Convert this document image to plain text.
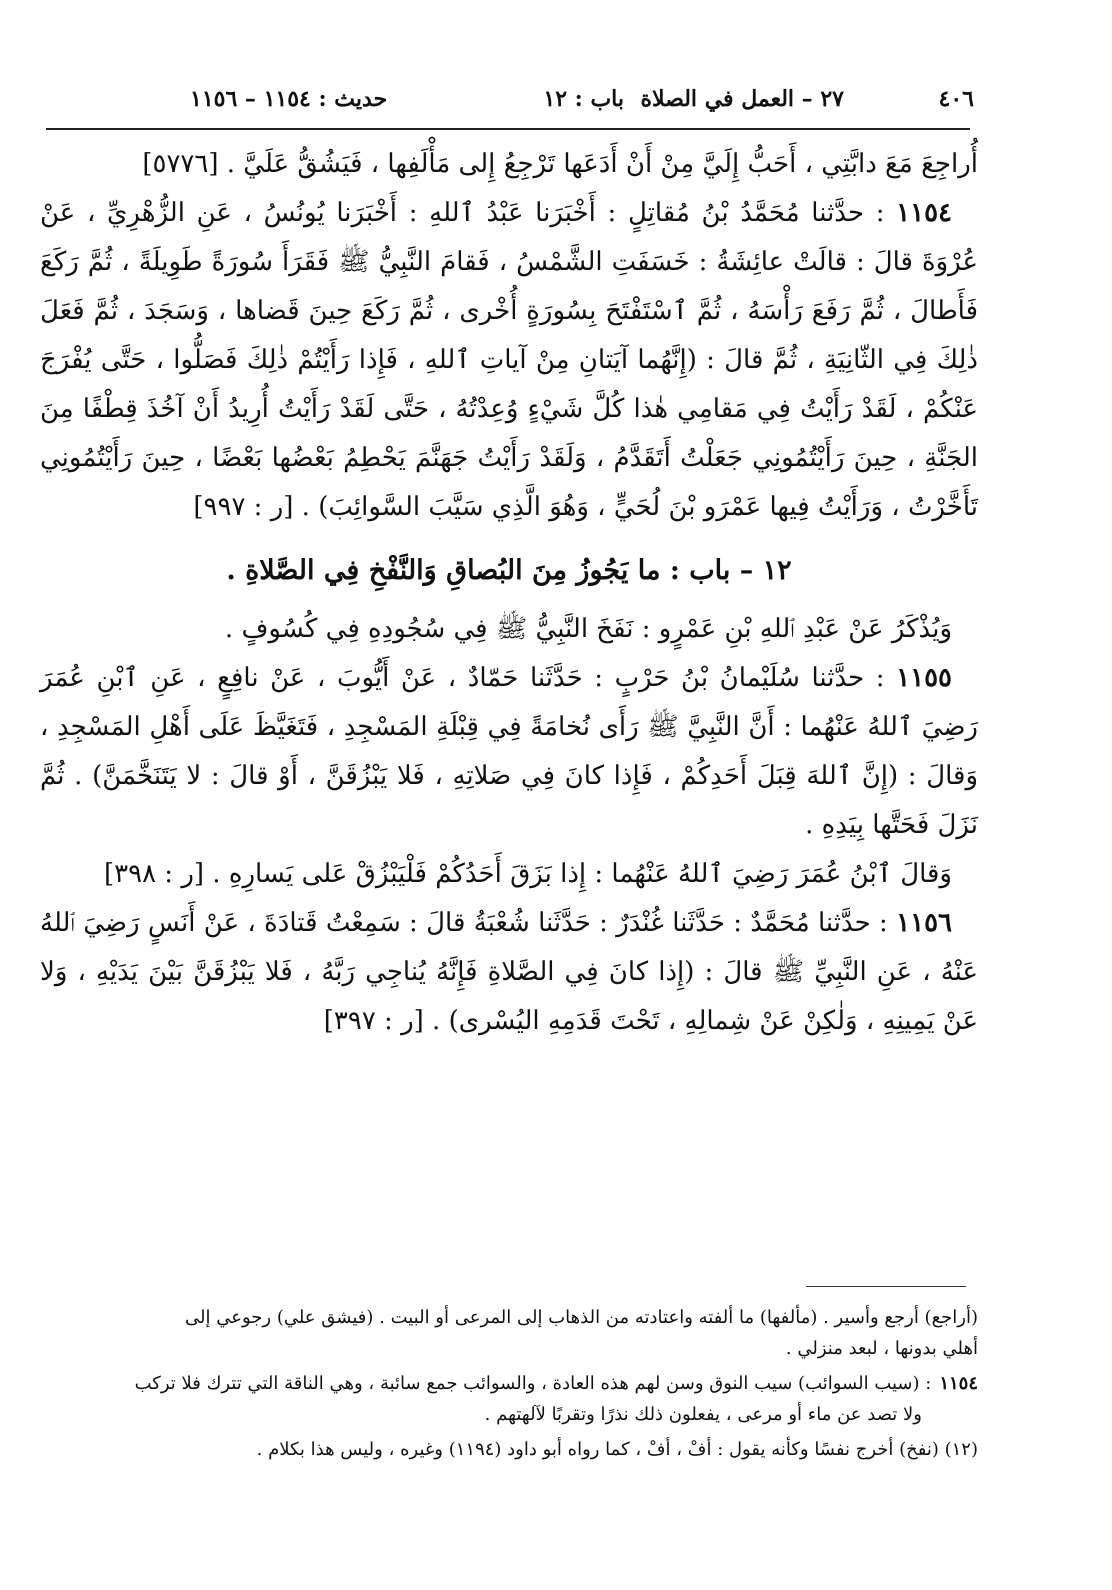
٤٠٦
٢٧ – العمل في الصلاة
باب : ١٢
حديث : ١١٥٤ – ١١٥٦

أُراجِعَ مَعَ دابَّتِي ، أَحَبُّ إِلَيَّ مِنْ أَنْ أَدَعَها تَرْجِعُ إِلى مَأْلَفِها ، فَيَشُقُّ عَلَيَّ . [٥٧٧٦]

١١٥٤ : حدَّثنا مُحَمَّدُ بْنُ مُقاتِلٍ : أَخْبَرَنا عَبْدُ ٱللهِ : أَخْبَرَنا يُونُسُ ، عَنِ الزُّهْرِيِّ ، عَنْ عُرْوَةَ قالَ : قالَتْ عائِشَةُ : خَسَفَتِ الشَّمْسُ ، فَقامَ النَّبِيُّ ﷺ فَقَرَأَ سُورَةً طَوِيلَةً ، ثُمَّ رَكَعَ فَأَطالَ ، ثُمَّ رَفَعَ رَأْسَهُ ، ثُمَّ ٱسْتَفْتَحَ بِسُورَةٍ أُخْرى ، ثُمَّ رَكَعَ حِينَ قَضاها ، وَسَجَدَ ، ثُمَّ فَعَلَ ذٰلِكَ فِي الثّانِيَةِ ، ثُمَّ قالَ : (إِنَّهُما آيَتانِ مِنْ آياتِ ٱللهِ ، فَإِذا رَأَيْتُمْ ذٰلِكَ فَصَلُّوا ، حَتَّى يُفْرَجَ عَنْكُمْ ، لَقَدْ رَأَيْتُ فِي مَقامِي هٰذا كُلَّ شَيْءٍ وُعِدْتُهُ ، حَتَّى لَقَدْ رَأَيْتُ أُرِيدُ أَنْ آخُذَ قِطْفًا مِنَ الجَنَّةِ ، حِينَ رَأَيْتُمُونِي جَعَلْتُ أَتَقَدَّمُ ، وَلَقَدْ رَأَيْتُ جَهَنَّمَ يَحْطِمُ بَعْضُها بَعْضًا ، حِينَ رَأَيْتُمُونِي تَأَخَّرْتُ ، وَرَأَيْتُ فِيها عَمْرَو بْنَ لُحَيٍّ ، وَهُوَ الَّذِي سَيَّبَ السَّوائِبَ) . [ر : ٩٩٧]

١٢ – باب : ما يَجُوزُ مِنَ البُصاقِ وَالنَّفْخِ فِي الصَّلاةِ .

وَيُذْكَرُ عَنْ عَبْدِ ٱللهِ بْنِ عَمْرٍو : نَفَخَ النَّبِيُّ ﷺ فِي سُجُودِهِ فِي كُسُوفٍ .

١١٥٥ : حدَّثنا سُلَيْمانُ بْنُ حَرْبٍ : حَدَّثَنا حَمّادٌ ، عَنْ أَيُّوبَ ، عَنْ نافِعٍ ، عَنِ ٱبْنِ عُمَرَ رَضِيَ ٱللهُ عَنْهُما : أَنَّ النَّبِيَّ ﷺ رَأَى نُخامَةً فِي قِبْلَةِ المَسْجِدِ ، فَتَغَيَّظَ عَلَى أَهْلِ المَسْجِدِ ، وَقالَ : (إِنَّ ٱللهَ قِبَلَ أَحَدِكُمْ ، فَإِذا كانَ فِي صَلاتِهِ ، فَلا يَبْزُقَنَّ ، أَوْ قالَ : لا يَتَنَخَّمَنَّ) . ثُمَّ نَزَلَ فَحَتَّها بِيَدِهِ .

وَقالَ ٱبْنُ عُمَرَ رَضِيَ ٱللهُ عَنْهُما : إِذا بَزَقَ أَحَدُكُمْ فَلْيَبْزُقْ عَلى يَسارِهِ . [ر : ٣٩٨]

١١٥٦ : حدَّثنا مُحَمَّدٌ : حَدَّثَنا غُنْدَرٌ : حَدَّثَنا شُعْبَةُ قالَ : سَمِعْتُ قَتادَةَ ، عَنْ أَنَسٍ رَضِيَ ٱللهُ عَنْهُ ، عَنِ النَّبِيِّ ﷺ قالَ : (إِذا كانَ فِي الصَّلاةِ فَإِنَّهُ يُناجِي رَبَّهُ ، فَلا يَبْزُقَنَّ بَيْنَ يَدَيْهِ ، وَلا عَنْ يَمِينِهِ ، وَلٰكِنْ عَنْ شِمالِهِ ، تَحْتَ قَدَمِهِ اليُسْرى) . [ر : ٣٩٧]

(أراجع) أرجع وأسير . (مألفها) ما ألفته واعتادته من الذهاب إلى المرعى أو البيت . (فيشق علي) رجوعي إلى
أهلي بدونها ، لبعد منزلي .

١١٥٤: (سيب السوائب) سيب النوق وسن لهم هذه العادة ، والسوائب جمع سائبة ، وهي الناقة التي تترك فلا تركب
ولا تصد عن ماء أو مرعى ، يفعلون ذلك نذرًا وتقربًا لآلهتهم .

(١٢) (نفخ) أخرج نفسًا وكأنه يقول : أفْ ، أفْ ، كما رواه أبو داود (١١٩٤) وغيره ، وليس هذا بكلام .
